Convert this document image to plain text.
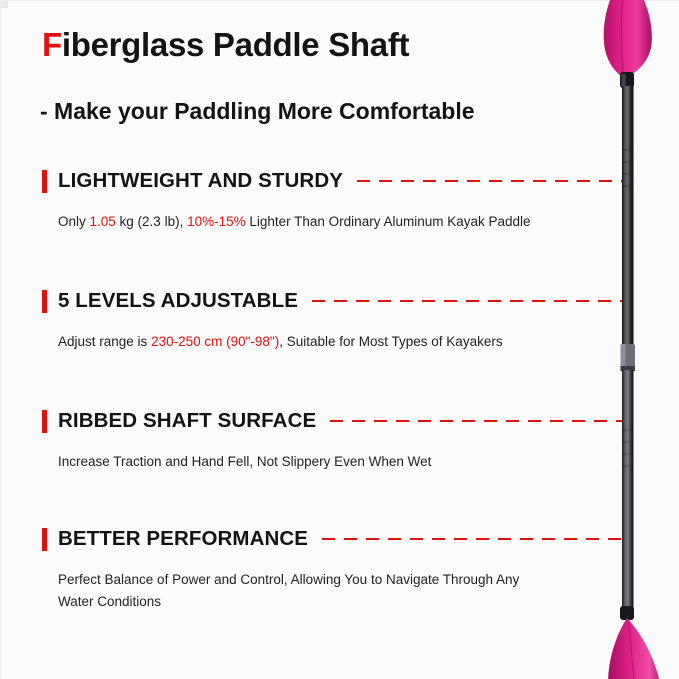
Fiberglass Paddle Shaft
- Make your Paddling More Comfortable
LIGHTWEIGHT AND STURDY
Only 1.05 kg (2.3 lb), 10%-15% Lighter Than Ordinary Aluminum Kayak Paddle
5 LEVELS ADJUSTABLE
Adjust range is 230-250 cm (90"-98"), Suitable for Most Types of Kayakers
RIBBED SHAFT SURFACE
Increase Traction and Hand Fell, Not Slippery Even When Wet
BETTER PERFORMANCE
Perfect Balance of Power and Control, Allowing You to Navigate Through Any Water Conditions
